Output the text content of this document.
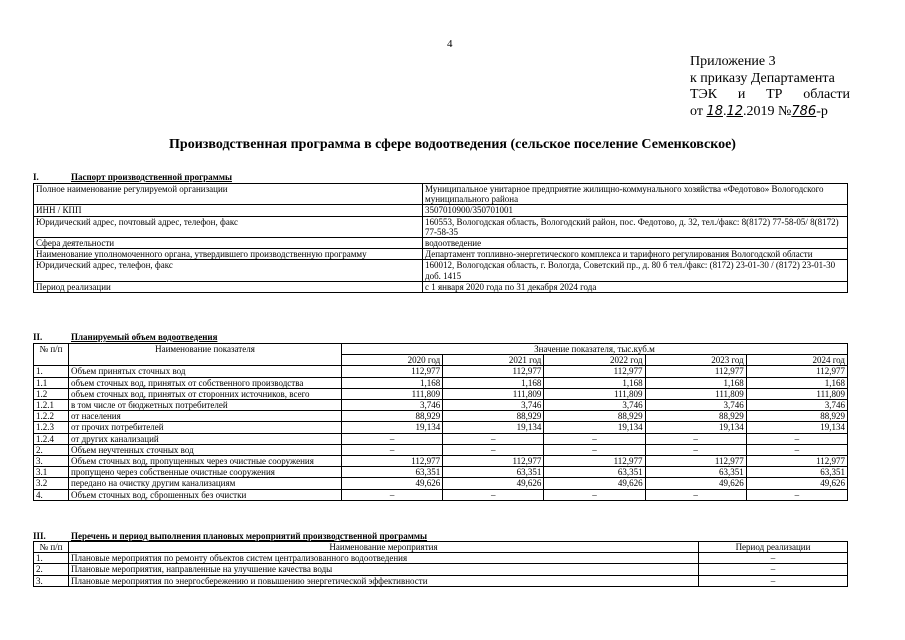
4
Приложение 3
к приказу Департамента
ТЭК и ТР области
от 18.12.2019 №786-р
Производственная программа в сфере водоотведения (сельское поселение Семенковское)
I.	Паспорт производственной программы
Полное наименование регулируемой организации	Муниципальное унитарное предприятие жилищно-коммунального хозяйства «Федотово» Вологодского муниципального района
ИНН / КПП	3507010900/350701001
Юридический адрес, почтовый адрес, телефон, факс	160553, Вологодская область, Вологодский район, пос. Федотово, д. 32, тел./факс: 8(8172) 77-58-05/ 8(8172) 77-58-35
Сфера деятельности	водоотведение
Наименование уполномоченного органа, утвердившего производственную программу	Департамент топливно-энергетического комплекса и тарифного регулирования Вологодской области
Юридический адрес, телефон, факс	160012, Вологодская область, г. Вологда, Советский пр., д. 80 б тел./факс: (8172) 23-01-30 / (8172) 23-01-30 доб. 1415
Период реализации	с 1 января 2020 года по 31 декабря 2024 года
II.	Планируемый объем водоотведения
№ п/п	Наименование показателя	Значение показателя, тыс.куб.м				
		2020 год	2021 год	2022 год	2023 год	2024 год
1.	Объем принятых сточных вод	112,977	112,977	112,977	112,977	112,977
1.1	объем сточных вод, принятых от собственного производства	1,168	1,168	1,168	1,168	1,168
1.2	объем сточных вод, принятых от сторонних источников, всего	111,809	111,809	111,809	111,809	111,809
1.2.1	в том числе от бюджетных потребителей	3,746	3,746	3,746	3,746	3,746
1.2.2	от населения	88,929	88,929	88,929	88,929	88,929
1.2.3	от прочих потребителей	19,134	19,134	19,134	19,134	19,134
1.2.4	от других канализаций	–	–	–	–	–
2.	Объем неучтенных сточных вод	–	–	–	–	–
3.	Объем сточных вод, пропущенных через очистные сооружения	112,977	112,977	112,977	112,977	112,977
3.1	пропущено через собственные очистные сооружения	63,351	63,351	63,351	63,351	63,351
3.2	передано на очистку другим канализациям	49,626	49,626	49,626	49,626	49,626
4.	Объем сточных вод, сброшенных без очистки	–	–	–	–	–
III.	Перечень и период выполнения плановых мероприятий производственной программы
№ п/п	Наименование мероприятия	Период реализации
1.	Плановые мероприятия по ремонту объектов систем централизованного водоотведения	–
2.	Плановые мероприятия, направленные на улучшение качества воды	–
3.	Плановые мероприятия по энергосбережению и повышению энергетической эффективности	–
